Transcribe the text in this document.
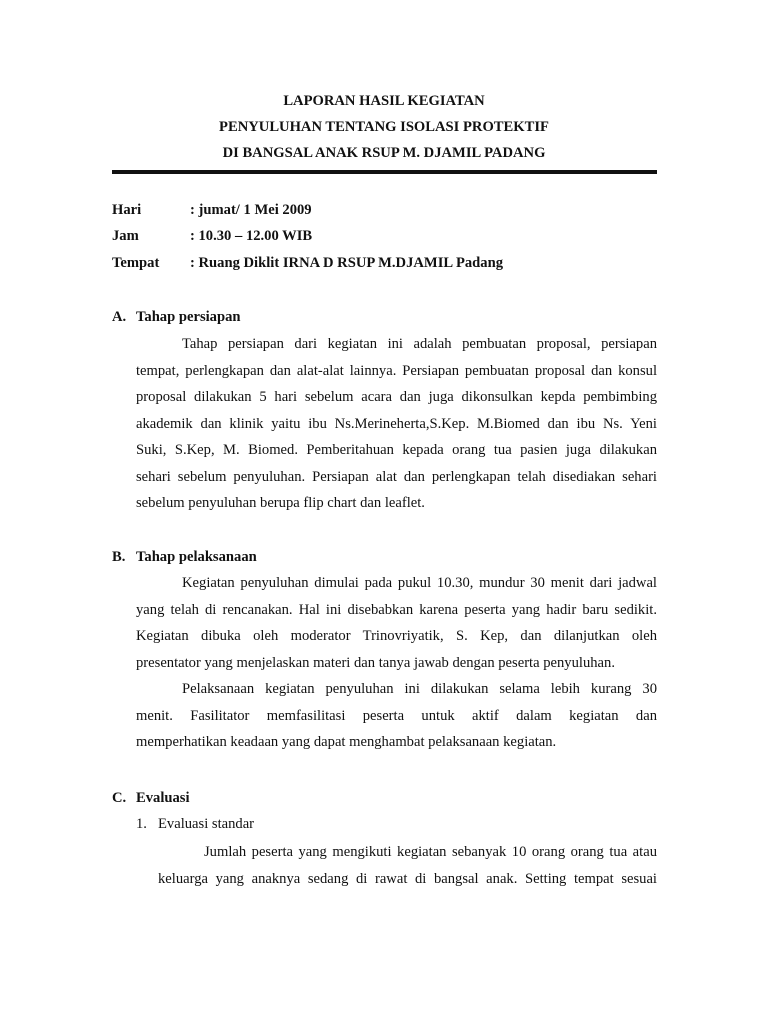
LAPORAN HASIL KEGIATAN
PENYULUHAN TENTANG ISOLASI PROTEKTIF
DI BANGSAL ANAK RSUP M. DJAMIL PADANG
Hari	: jumat/ 1 Mei 2009
Jam	: 10.30 – 12.00 WIB
Tempat : Ruang Diklit IRNA D RSUP M.DJAMIL Padang
A. Tahap persiapan
Tahap persiapan dari kegiatan ini adalah pembuatan proposal, persiapan
tempat, perlengkapan dan alat-alat lainnya. Persiapan pembuatan proposal dan konsul
proposal dilakukan 5 hari sebelum acara dan juga dikonsulkan kepda pembimbing
akademik dan klinik yaitu ibu Ns.Merineherta,S.Kep. M.Biomed dan ibu Ns. Yeni
Suki, S.Kep, M. Biomed. Pemberitahuan kepada orang tua pasien juga dilakukan
sehari sebelum penyuluhan. Persiapan alat dan perlengkapan telah disediakan sehari
sebelum penyuluhan berupa flip chart dan leaflet.
B. Tahap pelaksanaan
Kegiatan penyuluhan dimulai pada pukul 10.30, mundur 30 menit dari jadwal
yang telah di rencanakan. Hal ini disebabkan karena peserta yang hadir baru sedikit.
Kegiatan dibuka oleh moderator Trinovriyatik, S. Kep, dan dilanjutkan oleh
presentator yang menjelaskan materi dan tanya jawab dengan peserta penyuluhan.
Pelaksanaan kegiatan penyuluhan ini dilakukan selama lebih kurang 30
menit. Fasilitator memfasilitasi peserta untuk aktif dalam kegiatan dan
memperhatikan keadaan yang dapat menghambat pelaksanaan kegiatan.
C. Evaluasi
1. Evaluasi standar
Jumlah peserta yang mengikuti kegiatan sebanyak 10 orang orang tua atau
keluarga yang anaknya sedang di rawat di bangsal anak. Setting tempat sesuai
